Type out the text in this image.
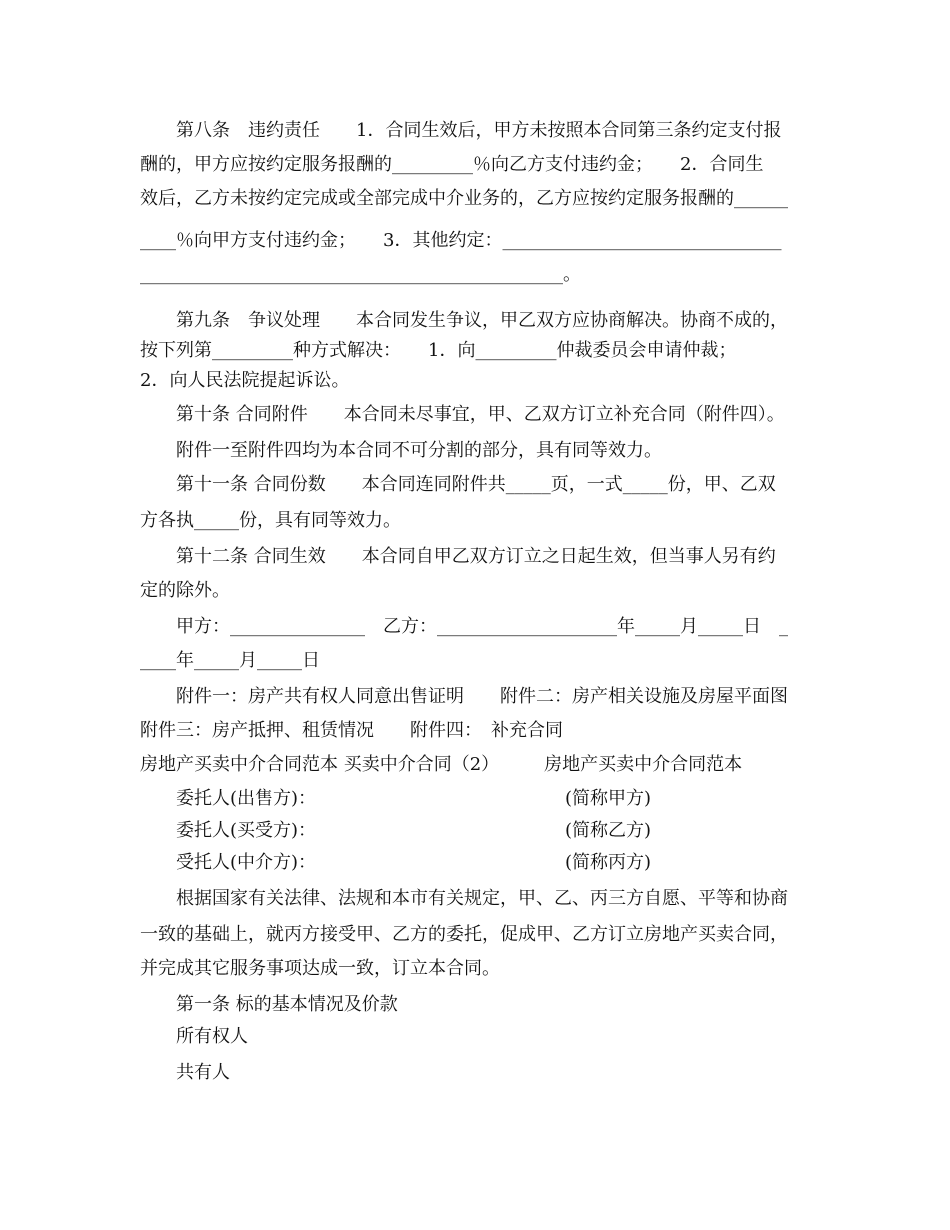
第八条　违约责任　　1．合同生效后，甲方未按照本合同第三条约定支付报
酬的，甲方应按约定服务报酬的_________％向乙方支付违约金；　　2．合同生
效后，乙方未按约定完成或全部完成中介业务的，乙方应按约定服务报酬的______
____％向甲方支付违约金；　　3．其他约定：_______________________________
_______________________________________________。
第九条　争议处理　　本合同发生争议，甲乙双方应协商解决。协商不成的，
按下列第_________种方式解决：　　1．向_________仲裁委员会申请仲裁；
2．向人民法院提起诉讼。
第十条 合同附件　　本合同未尽事宜，甲、乙双方订立补充合同（附件四）。
附件一至附件四均为本合同不可分割的部分，具有同等效力。
第十一条 合同份数　　本合同连同附件共_____页，一式_____份，甲、乙双
方各执_____份，具有同等效力。
第十二条 合同生效　　本合同自甲乙双方订立之日起生效，但当事人另有约
定的除外。
甲方：_______________　乙方：____________________年_____月_____日　_
____年_____月_____日
附件一：房产共有权人同意出售证明　　附件二：房产相关设施及房屋平面图
附件三：房产抵押、租赁情况　　附件四：　补充合同
房地产买卖中介合同范本 买卖中介合同（2）　　　房地产买卖中介合同范本
委托人(出售方)：	(简称甲方)
委托人(买受方)：	(简称乙方)
受托人(中介方)：	(简称丙方)
根据国家有关法律、法规和本市有关规定，甲、乙、丙三方自愿、平等和协商
一致的基础上，就丙方接受甲、乙方的委托，促成甲、乙方订立房地产买卖合同，
并完成其它服务事项达成一致，订立本合同。
第一条 标的基本情况及价款
所有权人
共有人
